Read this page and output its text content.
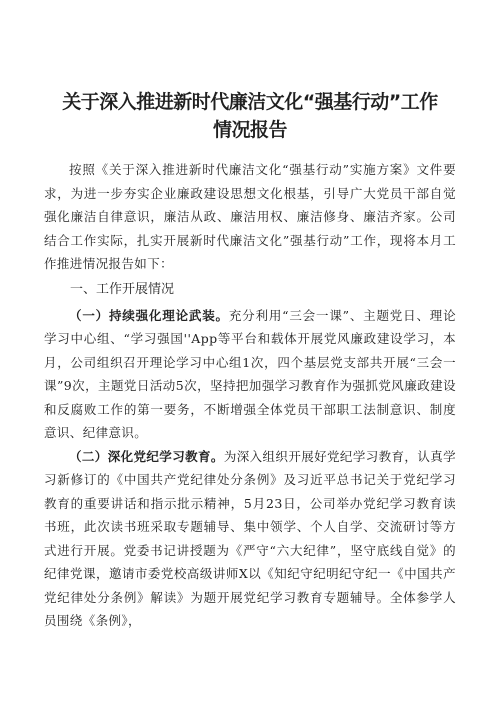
关于深入推进新时代廉洁文化“强基行动”工作
情况报告

按照《关于深入推进新时代廉洁文化“强基行动”实施方案》文件要求，为进一步夯实企业廉政建设思想文化根基，引导广大党员干部自觉强化廉洁自律意识，廉洁从政、廉洁用权、廉洁修身、廉洁齐家。公司结合工作实际，扎实开展新时代廉洁文化”强基行动”工作，现将本月工作推进情况报告如下：

一、工作开展情况

（一）持续强化理论武装。充分利用“三会一课”、主题党日、理论学习中心组、“学习强国''App等平台和载体开展党风廉政建设学习，本月，公司组织召开理论学习中心组1次，四个基层党支部共开展“三会一课”9次，主题党日活动5次，坚持把加强学习教育作为强抓党风廉政建设和反腐败工作的第一要务，不断增强全体党员干部职工法制意识、制度意识、纪律意识。

（二）深化党纪学习教育。为深入组织开展好党纪学习教育，认真学习新修订的《中国共产党纪律处分条例》及习近平总书记关于党纪学习教育的重要讲话和指示批示精神，5月23日，公司举办党纪学习教育读书班，此次读书班采取专题辅导、集中领学、个人自学、交流研讨等方式进行开展。党委书记讲授题为《严守“六大纪律”，坚守底线自觉》的纪律党课，邀请市委党校高级讲师X以《知纪守纪明纪守纪一《中国共产党纪律处分条例》解读》为题开展党纪学习教育专题辅导。全体参学人员围绕《条例》，
